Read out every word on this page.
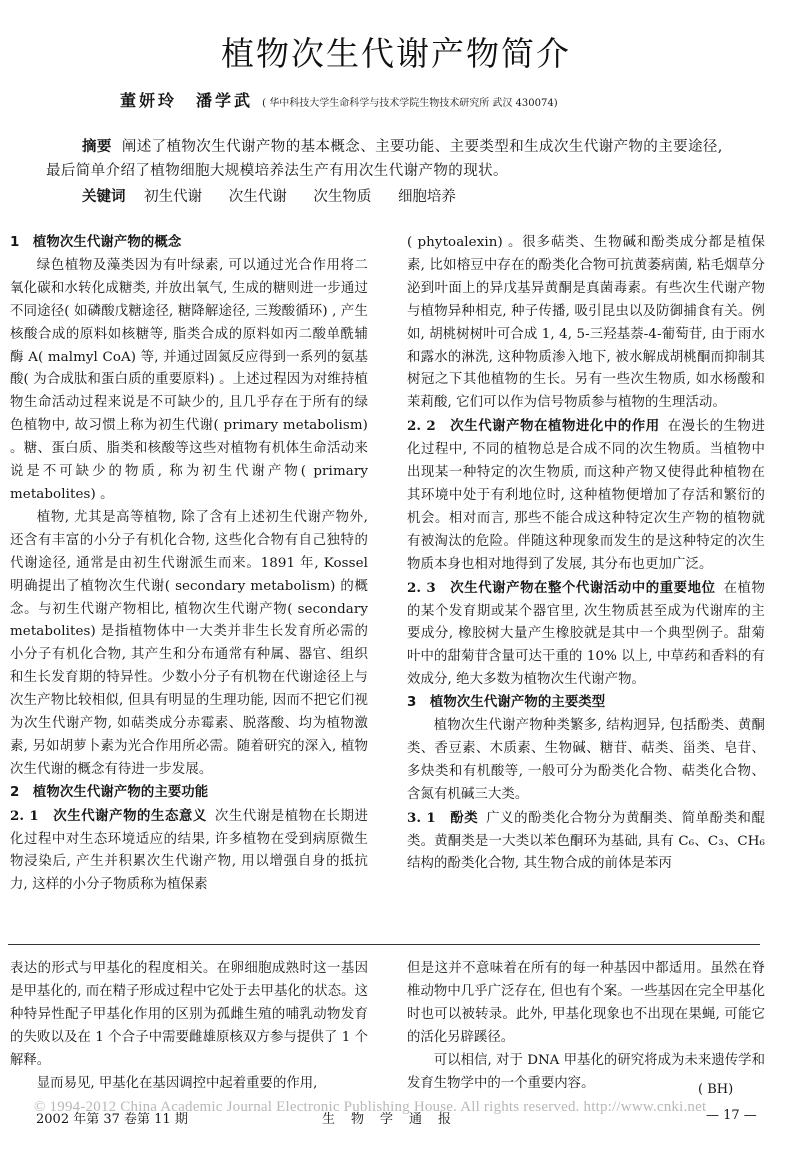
植物次生代谢产物简介
董妍玲　潘学武 ( 华中科技大学生命科学与技术学院生物技术研究所 武汉 430074)
摘要 阐述了植物次生代谢产物的基本概念、主要功能、主要类型和生成次生代谢产物的主要途径, 最后简单介绍了植物细胞大规模培养法生产有用次生代谢产物的现状。
关键词 初生代谢 次生代谢 次生物质 细胞培养
1　植物次生代谢产物的概念

绿色植物及藻类因为有叶绿素, 可以通过光合作用将二氧化碳和水转化成糖类, 并放出氧气, 生成的糖则进一步通过不同途径( 如磷酸戊糖途径, 糖降解途径, 三羧酸循环) , 产生核酸合成的原料如核糖等, 脂类合成的原料如丙二酸单酰辅酶 A( malmyl CoA) 等, 并通过固氮反应得到一系列的氨基酸( 为合成肽和蛋白质的重要原料) 。上述过程因为对维持植物生命活动过程来说是不可缺少的, 且几乎存在于所有的绿色植物中, 故习惯上称为初生代谢( primary metabolism) 。糖、蛋白质、脂类和核酸等这些对植物有机体生命活动来说是不可缺少的物质, 称为初生代谢产物( primary metabolites) 。

植物, 尤其是高等植物, 除了含有上述初生代谢产物外, 还含有丰富的小分子有机化合物, 这些化合物有自己独特的代谢途径, 通常是由初生代谢派生而来。1891 年, Kossel 明确提出了植物次生代谢( secondary metabolism) 的概念。与初生代谢产物相比, 植物次生代谢产物( secondary metabolites) 是指植物体中一大类并非生长发育所必需的小分子有机化合物, 其产生和分布通常有种属、器官、组织和生长发育期的特异性。少数小分子有机物在代谢途径上与次生产物比较相似, 但具有明显的生理功能, 因而不把它们视为次生代谢产物, 如萜类成分赤霉素、脱落酸、均为植物激素, 另如胡萝卜素为光合作用所必需。随着研究的深入, 植物次生代谢的概念有待进一步发展。

2　植物次生代谢产物的主要功能

2. 1　次生代谢产物的生态意义 次生代谢是植物在长期进化过程中对生态环境适应的结果, 许多植物在受到病原微生物浸染后, 产生并积累次生代谢产物, 用以增强自身的抵抗力, 这样的小分子物质称为植保素

( phytoalexin) 。很多萜类、生物碱和酚类成分都是植保素, 比如榕豆中存在的酚类化合物可抗黄萎病菌, 粘毛烟草分泌到叶面上的异戊基异黄酮是真菌毒素。有些次生代谢产物与植物异种相克, 种子传播, 吸引昆虫以及防御捕食有关。例如, 胡桃树树叶可合成 1, 4, 5-三羟基萘-4-葡萄苷, 由于雨水和露水的淋洗, 这种物质渗入地下, 被水解成胡桃酮而抑制其树冠之下其他植物的生长。另有一些次生物质, 如水杨酸和茉莉酸, 它们可以作为信号物质参与植物的生理活动。

2. 2　次生代谢产物在植物进化中的作用 在漫长的生物进化过程中, 不同的植物总是合成不同的次生物质。当植物中出现某一种特定的次生物质, 而这种产物又使得此种植物在其环境中处于有利地位时, 这种植物便增加了存活和繁衍的机会。相对而言, 那些不能合成这种特定次生产物的植物就有被淘汰的危险。伴随这种现象而发生的是这种特定的次生物质本身也相对地得到了发展, 其分布也更加广泛。

2. 3　次生代谢产物在整个代谢活动中的重要地位 在植物的某个发育期或某个器官里, 次生物质甚至成为代谢库的主要成分, 橡胶树大量产生橡胶就是其中一个典型例子。甜菊叶中的甜菊苷含量可达干重的 10% 以上, 中草药和香料的有效成分, 绝大多数为植物次生代谢产物。

3　植物次生代谢产物的主要类型

植物次生代谢产物种类繁多, 结构迥异, 包括酚类、黄酮类、香豆素、木质素、生物碱、糖苷、萜类、甾类、皂苷、多炔类和有机酸等, 一般可分为酚类化合物、萜类化合物、含氮有机碱三大类。

3. 1　酚类 广义的酚类化合物分为黄酮类、简单酚类和醌类。黄酮类是一大类以苯色酮环为基础, 具有 C₆、C₃、CH₆ 结构的酚类化合物, 其生物合成的前体是苯丙

表达的形式与甲基化的程度相关。在卵细胞成熟时这一基因是甲基化的, 而在精子形成过程中它处于去甲基化的状态。这种特异性配子甲基化作用的区别为孤雌生殖的哺乳动物发育的失败以及在 1 个合子中需要雌雄原核双方参与提供了 1 个解释。

显而易见, 甲基化在基因调控中起着重要的作用,

但是这并不意味着在所有的每一种基因中都适用。虽然在脊椎动物中几乎广泛存在, 但也有个案。一些基因在完全甲基化时也可以被转录。此外, 甲基化现象也不出现在果蝇, 可能它的活化另辟蹊径。

可以相信, 对于 DNA 甲基化的研究将成为未来遗传学和发育生物学中的一个重要内容。	( BH)
© 1994-2012 China Academic Journal Electronic Publishing House. All rights reserved. http://www.cnki.net
2002 年第 37 卷第 11 期	生物学通报	— 17 —
